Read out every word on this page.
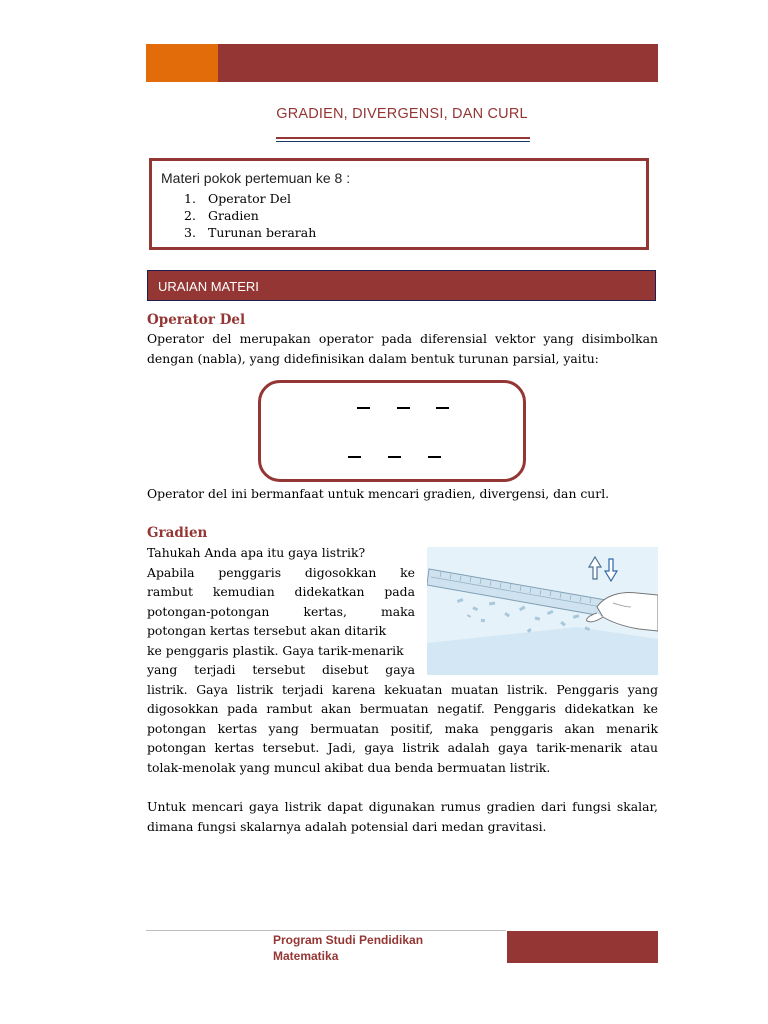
GRADIEN, DIVERGENSI, DAN CURL
Materi pokok pertemuan ke 8 :
1. Operator Del
2. Gradien
3. Turunan berarah
URAIAN MATERI
Operator Del
Operator del merupakan operator pada diferensial vektor yang disimbolkan
dengan (nabla), yang didefinisikan dalam bentuk turunan parsial, yaitu:
Operator del ini bermanfaat untuk mencari gradien, divergensi, dan curl.
Gradien
Tahukah Anda apa itu gaya listrik?
Apabila penggaris digosokkan ke
rambut kemudian didekatkan pada
potongan-potongan kertas, maka
potongan kertas tersebut akan ditarik
ke penggaris plastik. Gaya tarik-menarik
yang terjadi tersebut disebut gaya
listrik. Gaya listrik terjadi karena kekuatan muatan listrik. Penggaris yang
digosokkan pada rambut akan bermuatan negatif. Penggaris didekatkan ke
potongan kertas yang bermuatan positif, maka penggaris akan menarik
potongan kertas tersebut. Jadi, gaya listrik adalah gaya tarik-menarik atau
tolak-menolak yang muncul akibat dua benda bermuatan listrik.
Untuk mencari gaya listrik dapat digunakan rumus gradien dari fungsi skalar,
dimana fungsi skalarnya adalah potensial dari medan gravitasi.
Program Studi Pendidikan
Matematika
